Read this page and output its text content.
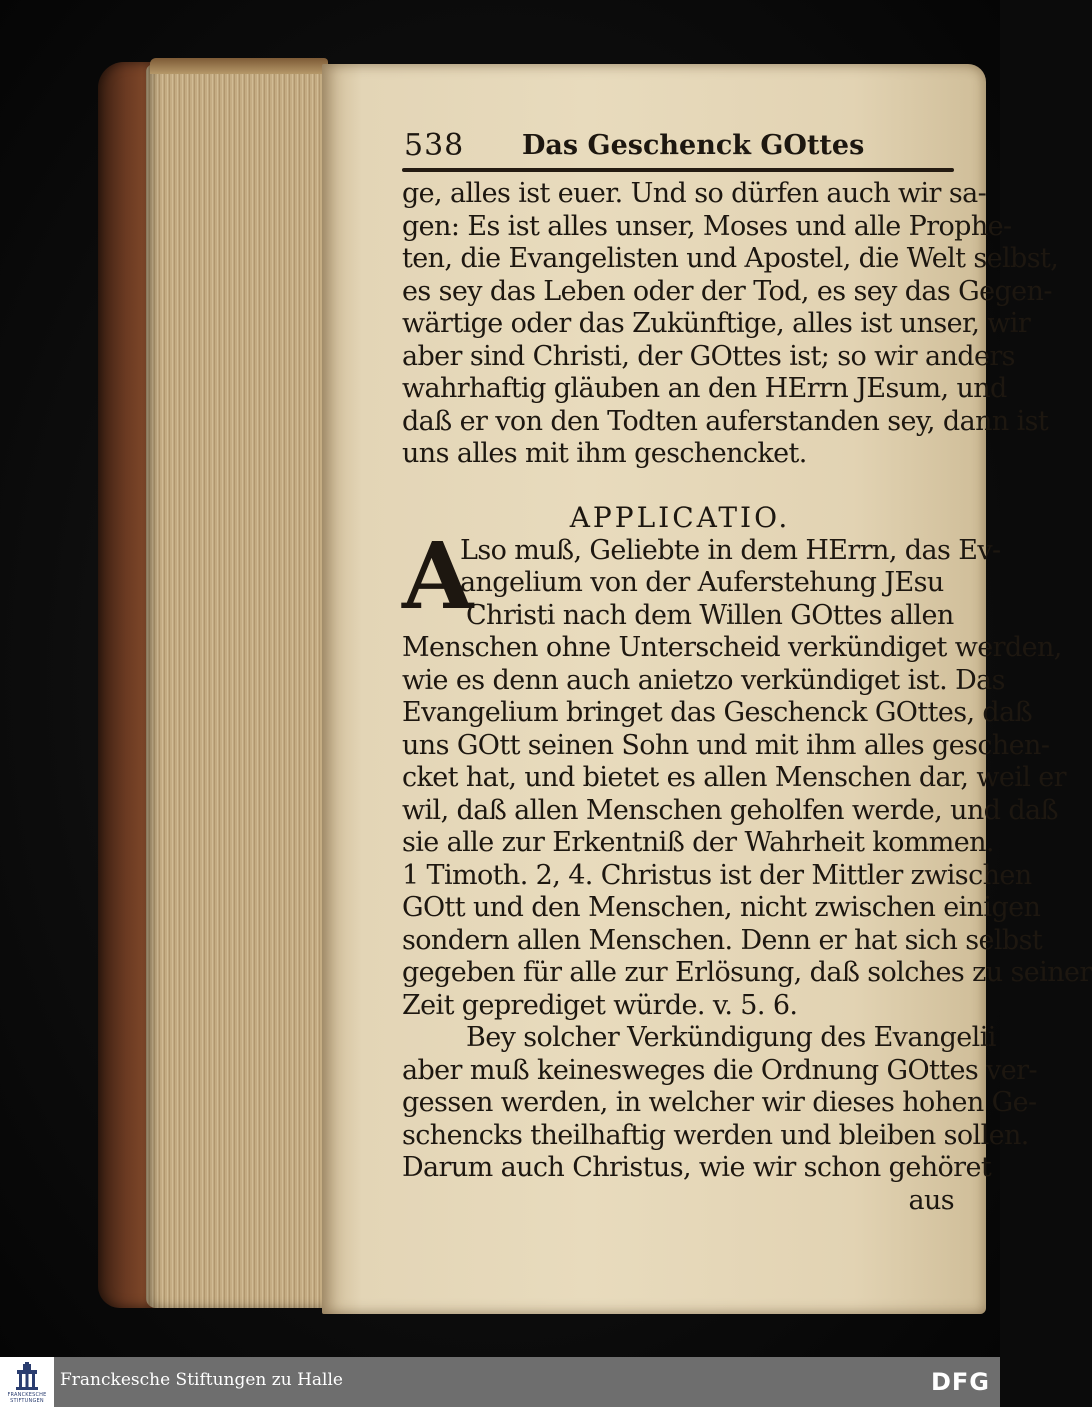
538 Das Geschenck GOttes
ge, alles ist euer. Und so dürfen auch wir sa-
gen: Es ist alles unser, Moses und alle Prophe-
ten, die Evangelisten und Apostel, die Welt selbst,
es sey das Leben oder der Tod, es sey das Gegen-
wärtige oder das Zukünftige, alles ist unser, wir
aber sind Christi, der GOttes ist; so wir anders
wahrhaftig gläuben an den HErrn JEsum, und
daß er von den Todten auferstanden sey, dann ist
uns alles mit ihm geschencket.
APPLICATIO.
A
Lso muß, Geliebte in dem HErrn, das Ev-
angelium von der Auferstehung JEsu
Christi nach dem Willen GOttes allen
Menschen ohne Unterscheid verkündiget werden,
wie es denn auch anietzo verkündiget ist. Das
Evangelium bringet das Geschenck GOttes, daß
uns GOtt seinen Sohn und mit ihm alles geschen-
cket hat, und bietet es allen Menschen dar, weil er
wil, daß allen Menschen geholfen werde, und daß
sie alle zur Erkentniß der Wahrheit kommen.
1 Timoth. 2, 4. Christus ist der Mittler zwischen
GOtt und den Menschen, nicht zwischen einigen
sondern allen Menschen. Denn er hat sich selbst
gegeben für alle zur Erlösung, daß solches zu seiner
Zeit geprediget würde. v. 5. 6.
Bey solcher Verkündigung des Evangelii
aber muß keinesweges die Ordnung GOttes ver-
gessen werden, in welcher wir dieses hohen Ge-
schencks theilhaftig werden und bleiben sollen.
Darum auch Christus, wie wir schon gehöret
aus
FRANCKESCHE STIFTUNGEN
Franckesche Stiftungen zu Halle	DFG
